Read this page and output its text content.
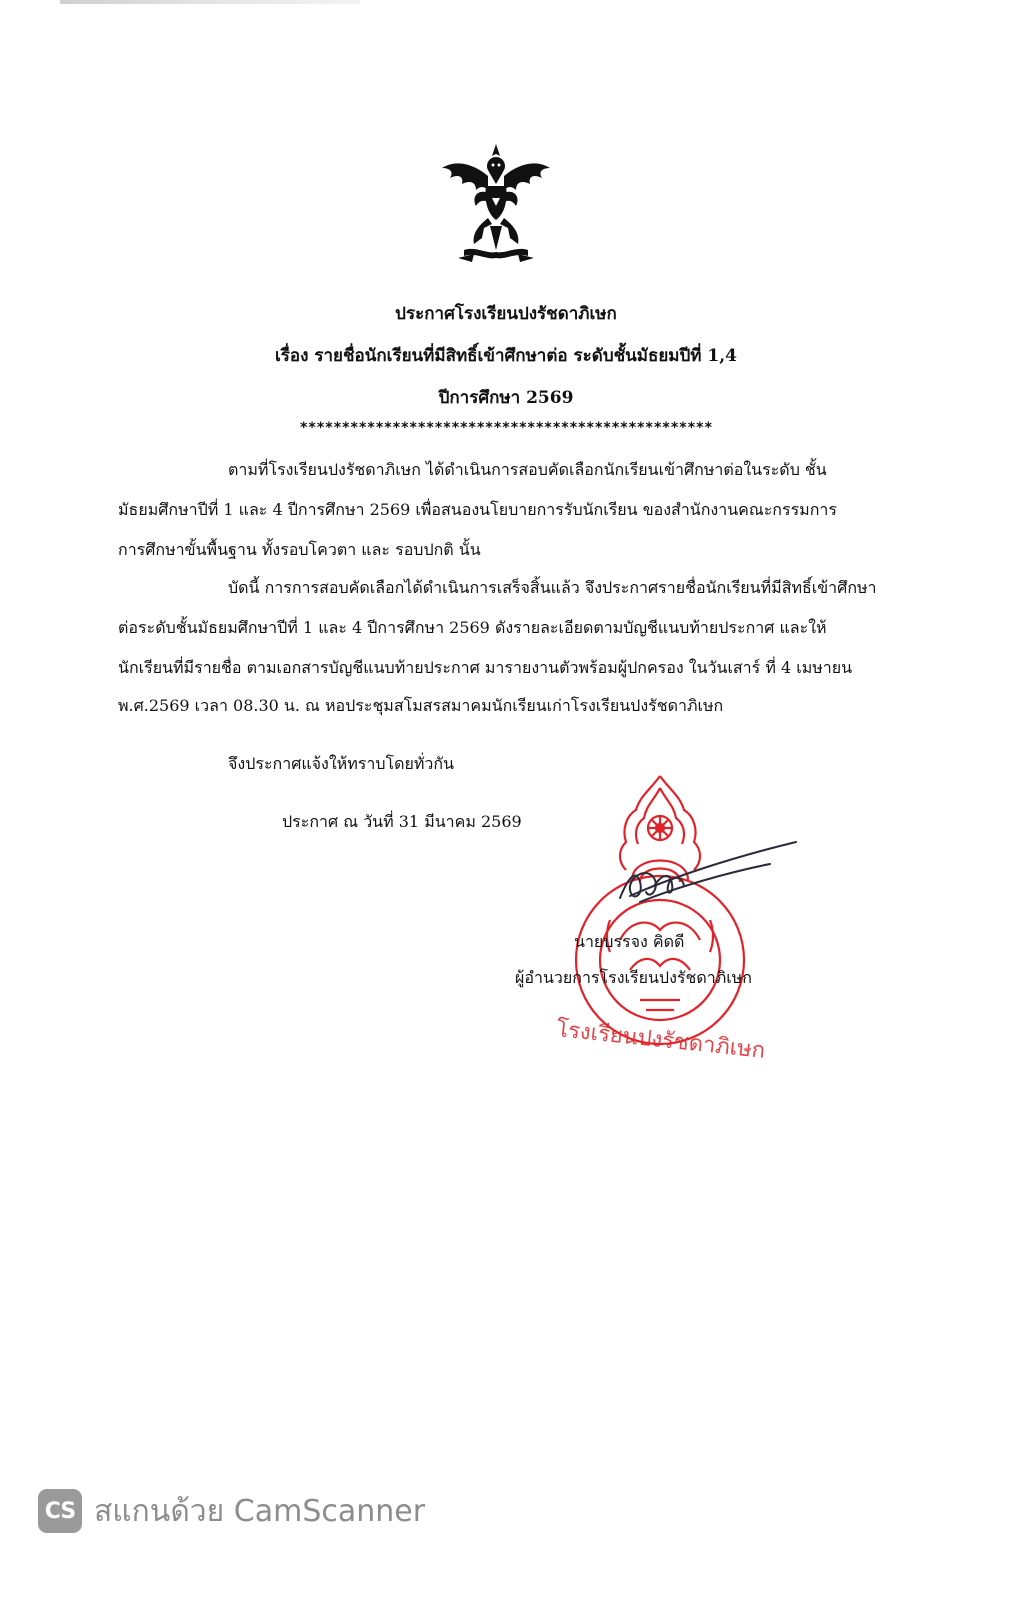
ประกาศโรงเรียนปงรัชดาภิเษก
เรื่อง รายชื่อนักเรียนที่มีสิทธิ์เข้าศึกษาต่อ ระดับชั้นมัธยมปีที่ 1,4
ปีการศึกษา 2569
*************************************************
ตามที่โรงเรียนปงรัชดาภิเษก ได้ดำเนินการสอบคัดเลือกนักเรียนเข้าศึกษาต่อในระดับ ชั้น
มัธยมศึกษาปีที่ 1 และ 4 ปีการศึกษา 2569 เพื่อสนองนโยบายการรับนักเรียน ของสำนักงานคณะกรรมการ
การศึกษาขั้นพื้นฐาน ทั้งรอบโควตา และ รอบปกติ นั้น
บัดนี้ การการสอบคัดเลือกได้ดำเนินการเสร็จสิ้นแล้ว จึงประกาศรายชื่อนักเรียนที่มีสิทธิ์เข้าศึกษา
ต่อระดับชั้นมัธยมศึกษาปีที่ 1 และ 4 ปีการศึกษา 2569 ดังรายละเอียดตามบัญชีแนบท้ายประกาศ และให้
นักเรียนที่มีรายชื่อ ตามเอกสารบัญชีแนบท้ายประกาศ มารายงานตัวพร้อมผู้ปกครอง ในวันเสาร์ ที่ 4 เมษายน
พ.ศ.2569 เวลา 08.30 น. ณ หอประชุมสโมสรสมาคมนักเรียนเก่าโรงเรียนปงรัชดาภิเษก
จึงประกาศแจ้งให้ทราบโดยทั่วกัน
ประกาศ ณ วันที่ 31 มีนาคม 2569
โรงเรียนปงรัชดาภิเษก
นายบรรจง คิดดี
ผู้อำนวยการโรงเรียนปงรัชดาภิเษก
CS สแกนด้วย CamScanner
